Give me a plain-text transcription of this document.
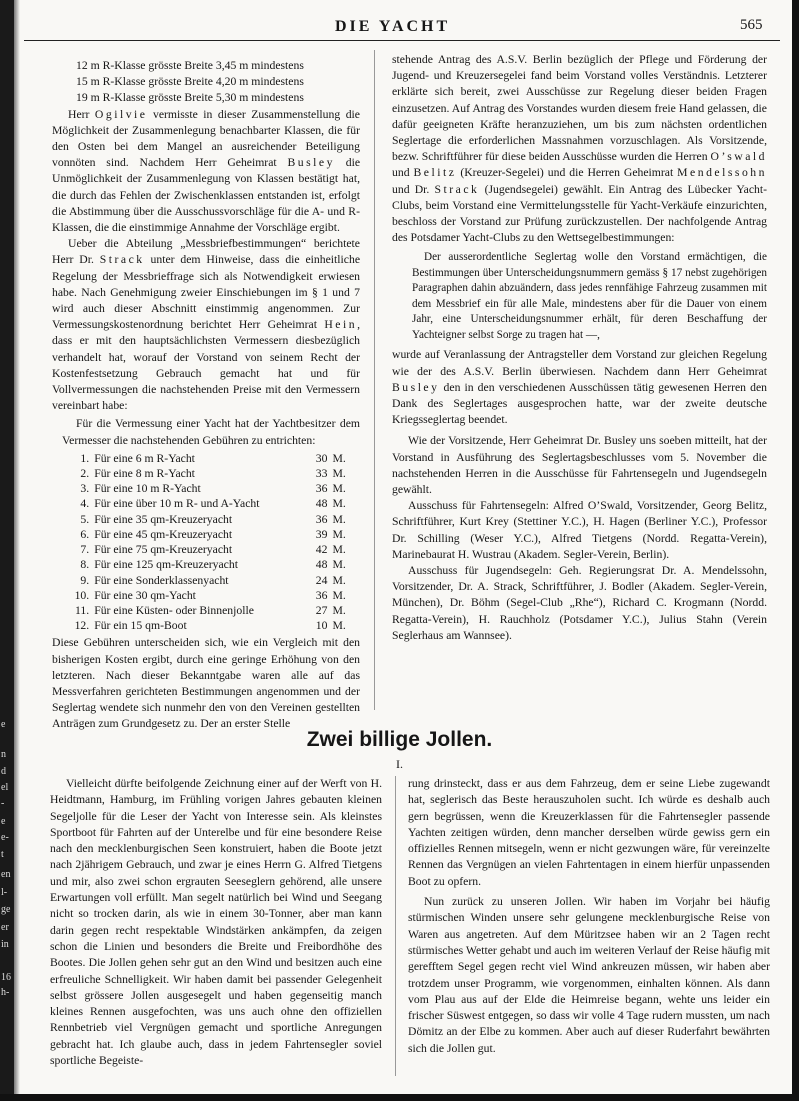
e
n
d
el
-
e
e-
t
en
l-
ge
er
in
16
h-
DIE YACHT	565
12 m R-Klasse grösste Breite 3,45 m mindestens
15 m R-Klasse grösste Breite 4,20 m mindestens
19 m R-Klasse grösste Breite 5,30 m mindestens

Herr Ogilvie vermisste in dieser Zusammenstellung die Möglichkeit der Zusammenlegung benachbarter Klassen, die für den Osten bei dem Mangel an ausreichender Beteiligung vonnöten sind. Nachdem Herr Geheimrat Busley die Unmöglichkeit der Zusammenlegung von Klassen bestätigt hat, die durch das Fehlen der Zwischenklassen entstanden ist, erfolgt die Abstimmung über die Ausschussvorschläge für die A- und R-Klassen, die die einstimmige Annahme der Vorschläge ergibt.

Ueber die Abteilung „Messbriefbestimmungen“ berichtete Herr Dr. Strack unter dem Hinweise, dass die einheitliche Regelung der Messbrieffrage sich als Notwendigkeit erwiesen habe. Nach Genehmigung zweier Einschiebungen im § 1 und 7 wird auch dieser Abschnitt einstimmig angenommen. Zur Vermessungskostenordnung berichtet Herr Geheimrat Hein, dass er mit den hauptsächlichsten Vermessern diesbezüglich verhandelt hat, worauf der Vorstand von seinem Recht der Kostenfestsetzung Gebrauch gemacht hat und für Vollvermessungen die nachstehenden Preise mit den Vermessern vereinbart habe:

Für die Vermessung einer Yacht hat der Yachtbesitzer dem Vermesser die nachstehenden Gebühren zu entrichten:

1.	Für eine 6 m R-Yacht	30	M.
2.	Für eine 8 m R-Yacht	33	M.
3.	Für eine 10 m R-Yacht	36	M.
4.	Für eine über 10 m R- und A-Yacht	48	M.
5.	Für eine 35 qm-Kreuzeryacht	36	M.
6.	Für eine 45 qm-Kreuzeryacht	39	M.
7.	Für eine 75 qm-Kreuzeryacht	42	M.
8.	Für eine 125 qm-Kreuzeryacht	48	M.
9.	Für eine Sonderklassenyacht	24	M.
10.	Für eine 30 qm-Yacht	36	M.
11.	Für eine Küsten- oder Binnenjolle	27	M.
12.	Für ein 15 qm-Boot	10	M.

Diese Gebühren unterscheiden sich, wie ein Vergleich mit den bisherigen Kosten ergibt, durch eine geringe Erhöhung von den letzteren. Nach dieser Bekanntgabe waren alle auf das Messverfahren gerichteten Bestimmungen angenommen und der Seglertag wendete sich nunmehr den von den Vereinen gestellten Anträgen zum Grundgesetz zu. Der an erster Stelle

stehende Antrag des A.S.V. Berlin bezüglich der Pflege und Förderung der Jugend- und Kreuzersegelei fand beim Vorstand volles Verständnis. Letzterer erklärte sich bereit, zwei Ausschüsse zur Regelung dieser beiden Fragen einzusetzen. Auf Antrag des Vorstandes wurden diesem freie Hand gelassen, die dafür geeigneten Kräfte heranzuziehen, um bis zum nächsten ordentlichen Seglertage die erforderlichen Massnahmen vorzuschlagen. Als Vorsitzende, bezw. Schriftführer für diese beiden Ausschüsse wurden die Herren O’swald und Belitz (Kreuzer-Segelei) und die Herren Geheimrat Mendelssohn und Dr. Strack (Jugendsegelei) gewählt. Ein Antrag des Lübecker Yacht-Clubs, beim Vorstand eine Vermittelungsstelle für Yacht-Verkäufe einzurichten, beschloss der Vorstand zur Prüfung zurückzustellen. Der nachfolgende Antrag des Potsdamer Yacht-Clubs zu den Wettsegelbestimmungen:

Der ausserordentliche Seglertag wolle den Vorstand ermächtigen, die Bestimmungen über Unterscheidungsnummern gemäss § 17 nebst zugehörigen Paragraphen dahin abzuändern, dass jedes rennfähige Fahrzeug zusammen mit dem Messbrief ein für alle Male, mindestens aber für die Dauer von einem Jahr, eine Unterscheidungsnummer erhält, für deren Beschaffung der Yachteigner selbst Sorge zu tragen hat —,

wurde auf Veranlassung der Antragsteller dem Vorstand zur gleichen Regelung wie der des A.S.V. Berlin überwiesen. Nachdem dann Herr Geheimrat Busley den in den verschiedenen Ausschüssen tätig gewesenen Herren den Dank des Seglertages ausgesprochen hatte, war der zweite deutsche Kriegsseglertag beendet.

Wie der Vorsitzende, Herr Geheimrat Dr. Busley uns soeben mitteilt, hat der Vorstand in Ausführung des Seglertagsbeschlusses vom 5. November die nachstehenden Herren in die Ausschüsse für Fahrtensegeln und Jugendsegeln gewählt.

Ausschuss für Fahrtensegeln: Alfred O’Swald, Vorsitzender, Georg Belitz, Schriftführer, Kurt Krey (Stettiner Y.C.), H. Hagen (Berliner Y.C.), Professor Dr. Schilling (Weser Y.C.), Alfred Tietgens (Nordd. Regatta-Verein), Marinebaurat H. Wustrau (Akadem. Segler-Verein, Berlin).

Ausschuss für Jugendsegeln: Geh. Regierungsrat Dr. A. Mendelssohn, Vorsitzender, Dr. A. Strack, Schriftführer, J. Bodler (Akadem. Segler-Verein, München), Dr. Böhm (Segel-Club „Rhe“), Richard C. Krogmann (Nordd. Regatta-Verein), H. Rauchholz (Potsdamer Y.C.), Julius Stahn (Verein Seglerhaus am Wannsee).

Zwei billige Jollen.
I.

Vielleicht dürfte beifolgende Zeichnung einer auf der Werft von H. Heidtmann, Hamburg, im Frühling vorigen Jahres gebauten kleinen Segeljolle für die Leser der Yacht von Interesse sein. Als kleinstes Sportboot für Fahrten auf der Unterelbe und für eine besondere Reise nach den mecklenburgischen Seen konstruiert, haben die Boote jetzt nach 2jährigem Gebrauch, und zwar je eines Herrn G. Alfred Tietgens und mir, also zwei schon ergrauten Seeseglern gehörend, alle unsere Erwartungen voll erfüllt. Man segelt natürlich bei Wind und Seegang nicht so trocken darin, als wie in einem 30-Tonner, aber man kann darin gegen recht respektable Windstärken ankämpfen, da zeigen schon die Linien und besonders die Breite und Freibordhöhe des Bootes. Die Jollen gehen sehr gut an den Wind und besitzen auch eine erfreuliche Schnelligkeit. Wir haben damit bei passender Gelegenheit selbst grössere Jollen ausgesegelt und haben gegenseitig manch kleines Rennen ausgefochten, was uns auch ohne den offiziellen Rennbetrieb viel Vergnügen gemacht und sportliche Anregungen gebracht hat. Ich glaube auch, dass in jedem Fahrtensegler soviel sportliche Begeiste-

rung drinsteckt, dass er aus dem Fahrzeug, dem er seine Liebe zugewandt hat, seglerisch das Beste herauszuholen sucht. Ich würde es deshalb auch gern begrüssen, wenn die Kreuzerklassen für die Fahrtensegler passende Yachten zeitigen würden, denn mancher derselben würde gewiss gern ein offizielles Rennen mitsegeln, wenn er nicht gezwungen wäre, für vereinzelte Rennen das Vergnügen an vielen Fahrtentagen in einem hierfür unpassenden Boot zu opfern.

Nun zurück zu unseren Jollen. Wir haben im Vorjahr bei häufig stürmischen Winden unsere sehr gelungene mecklenburgische Reise von Waren aus angetreten. Auf dem Müritzsee haben wir an 2 Tagen recht stürmisches Wetter gehabt und auch im weiteren Verlauf der Reise häufig mit gerefftem Segel gegen recht viel Wind ankreuzen müssen, wir haben aber trotzdem unser Programm, wie vorgenommen, einhalten können. Als dann vom Plau aus auf der Elde die Heimreise begann, wehte uns leider ein frischer Süswest entgegen, so dass wir volle 4 Tage rudern mussten, um nach Dömitz an der Elbe zu kommen. Aber auch auf dieser Ruderfahrt bewährten sich die Jollen gut.
